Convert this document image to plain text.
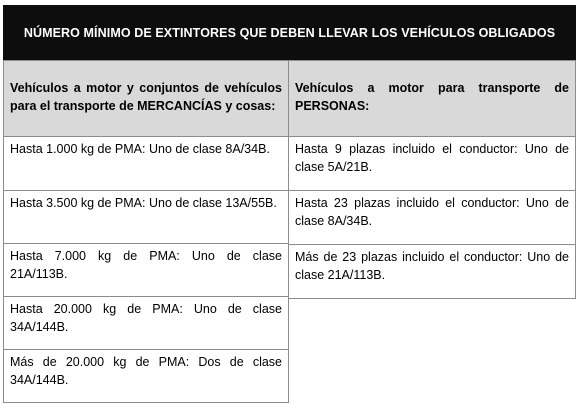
NÚMERO MÍNIMO DE EXTINTORES QUE DEBEN LLEVAR LOS VEHÍCULOS OBLIGADOS
Vehículos a motor y conjuntos de vehículos para el transporte de MERCANCÍAS y cosas:
Hasta 1.000 kg de PMA: Uno de clase 8A/34B.
Hasta 3.500 kg de PMA: Uno de clase 13A/55B.
Hasta 7.000 kg de PMA: Uno de clase 21A/113B.
Hasta 20.000 kg de PMA: Uno de clase 34A/144B.
Más de 20.000 kg de PMA: Dos de clase 34A/144B.
Vehículos a motor para transporte de PERSONAS:
Hasta 9 plazas incluido el conductor: Uno de clase 5A/21B.
Hasta 23 plazas incluido el conductor: Uno de clase 8A/34B.
Más de 23 plazas incluido el conductor: Uno de clase 21A/113B.
